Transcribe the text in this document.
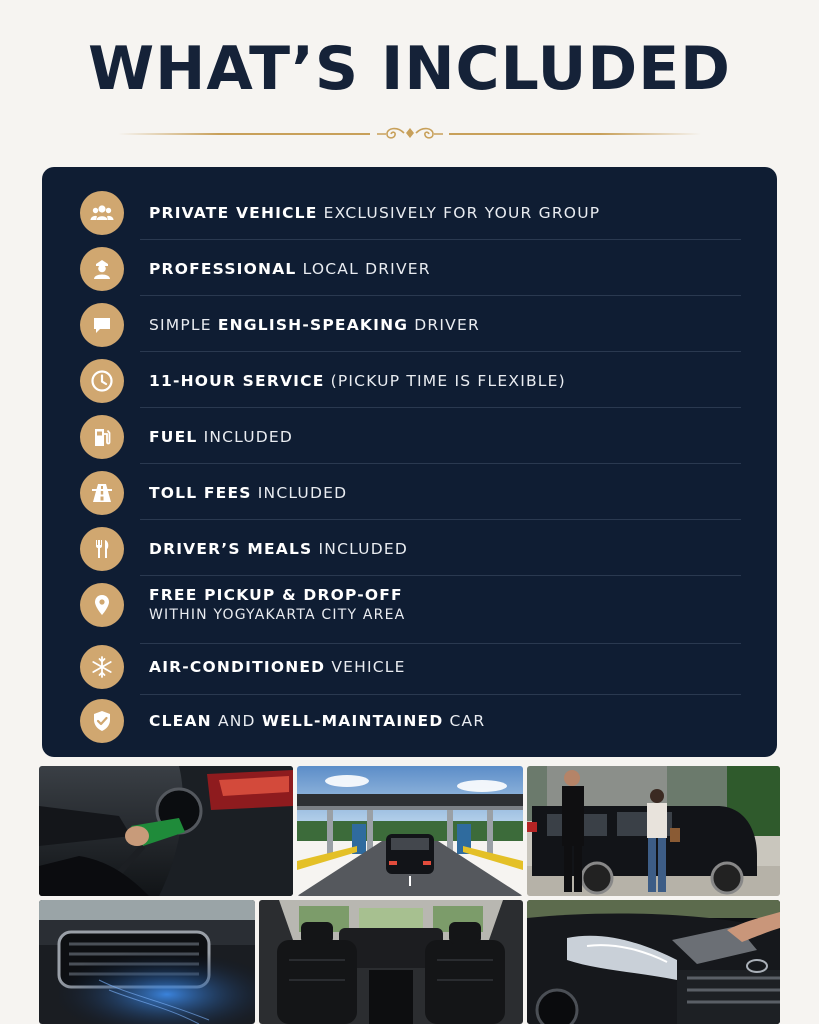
WHAT’S INCLUDED
PRIVATE VEHICLE EXCLUSIVELY FOR YOUR GROUP
PROFESSIONAL LOCAL DRIVER
SIMPLE ENGLISH-SPEAKING DRIVER
11-HOUR SERVICE (PICKUP TIME IS FLEXIBLE)
FUEL INCLUDED
TOLL FEES INCLUDED
DRIVER’S MEALS INCLUDED
FREE PICKUP & DROP-OFF
WITHIN YOGYAKARTA CITY AREA
AIR-CONDITIONED VEHICLE
CLEAN AND WELL-MAINTAINED CAR
